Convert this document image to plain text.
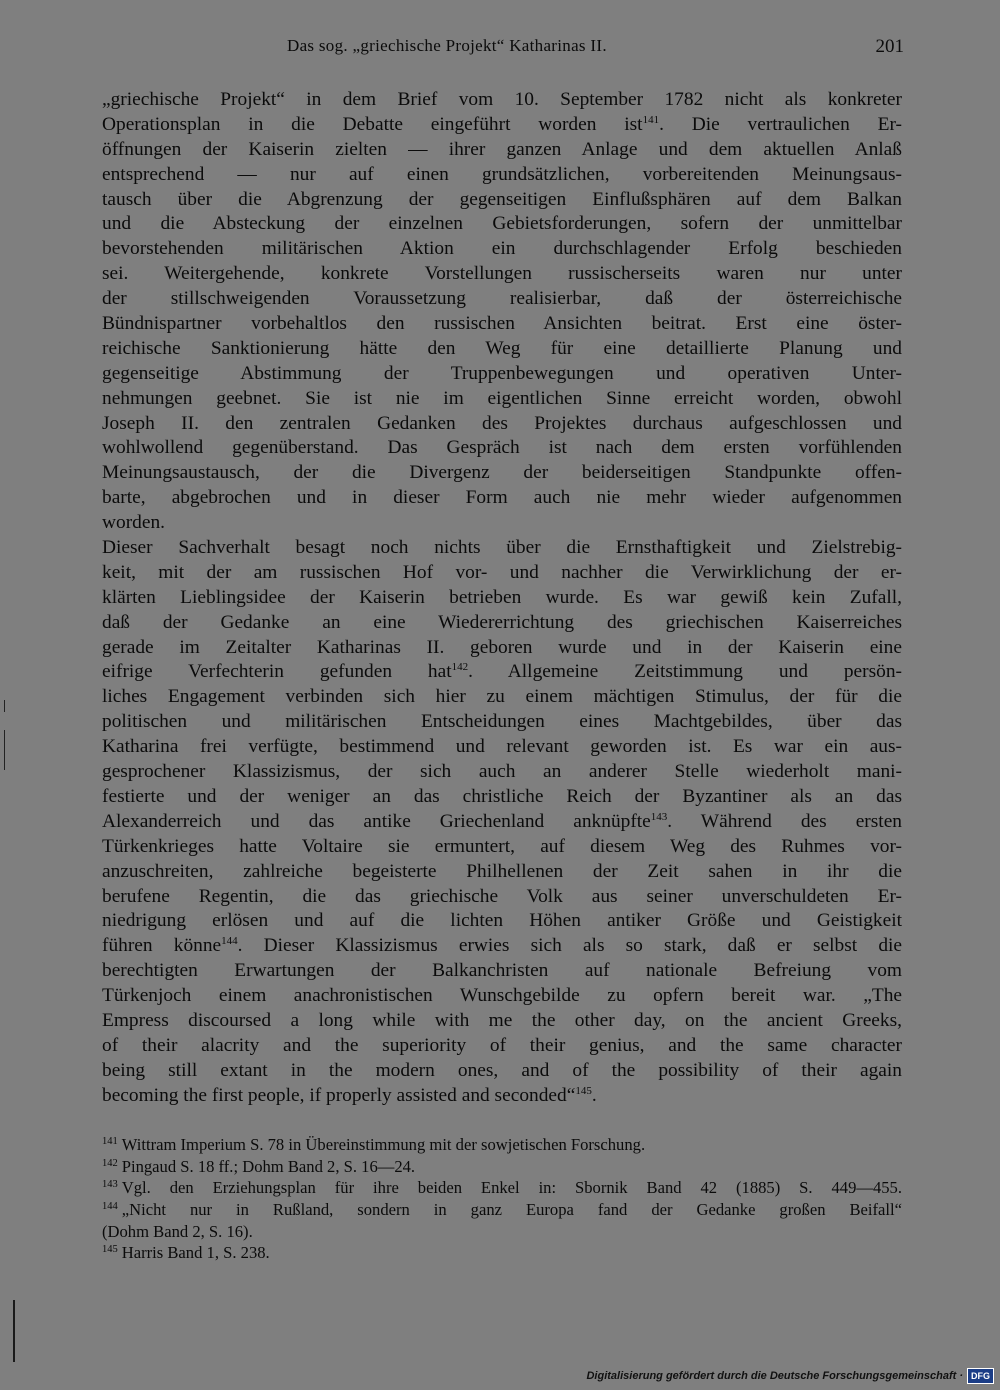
Das sog. „griechische Projekt“ Katharinas II.	201
„griechische Projekt“ in dem Brief vom 10. September 1782 nicht als konkreter
Operationsplan in die Debatte eingeführt worden ist$^{141}$. Die vertraulichen Er-
öffnungen der Kaiserin zielten — ihrer ganzen Anlage und dem aktuellen Anlaß
entsprechend — nur auf einen grundsätzlichen, vorbereitenden Meinungsaus-
tausch über die Abgrenzung der gegenseitigen Einflußsphären auf dem Balkan
und die Absteckung der einzelnen Gebietsforderungen, sofern der unmittelbar
bevorstehenden militärischen Aktion ein durchschlagender Erfolg beschieden
sei. Weitergehende, konkrete Vorstellungen russischerseits waren nur unter
der stillschweigenden Voraussetzung realisierbar, daß der österreichische
Bündnispartner vorbehaltlos den russischen Ansichten beitrat. Erst eine öster-
reichische Sanktionierung hätte den Weg für eine detaillierte Planung und
gegenseitige Abstimmung der Truppenbewegungen und operativen Unter-
nehmungen geebnet. Sie ist nie im eigentlichen Sinne erreicht worden, obwohl
Joseph II. den zentralen Gedanken des Projektes durchaus aufgeschlossen und
wohlwollend gegenüberstand. Das Gespräch ist nach dem ersten vorfühlenden
Meinungsaustausch, der die Divergenz der beiderseitigen Standpunkte offen-
barte, abgebrochen und in dieser Form auch nie mehr wieder aufgenommen
worden.
Dieser Sachverhalt besagt noch nichts über die Ernsthaftigkeit und Zielstrebig-
keit, mit der am russischen Hof vor- und nachher die Verwirklichung der er-
klärten Lieblingsidee der Kaiserin betrieben wurde. Es war gewiß kein Zufall,
daß der Gedanke an eine Wiedererrichtung des griechischen Kaiserreiches
gerade im Zeitalter Katharinas II. geboren wurde und in der Kaiserin eine
eifrige Verfechterin gefunden hat$^{142}$. Allgemeine Zeitstimmung und persön-
liches Engagement verbinden sich hier zu einem mächtigen Stimulus, der für die
politischen und militärischen Entscheidungen eines Machtgebildes, über das
Katharina frei verfügte, bestimmend und relevant geworden ist. Es war ein aus-
gesprochener Klassizismus, der sich auch an anderer Stelle wiederholt mani-
festierte und der weniger an das christliche Reich der Byzantiner als an das
Alexanderreich und das antike Griechenland anknüpfte$^{143}$. Während des ersten
Türkenkrieges hatte Voltaire sie ermuntert, auf diesem Weg des Ruhmes vor-
anzuschreiten, zahlreiche begeisterte Philhellenen der Zeit sahen in ihr die
berufene Regentin, die das griechische Volk aus seiner unverschuldeten Er-
niedrigung erlösen und auf die lichten Höhen antiker Größe und Geistigkeit
führen könne$^{144}$. Dieser Klassizismus erwies sich als so stark, daß er selbst die
berechtigten Erwartungen der Balkanchristen auf nationale Befreiung vom
Türkenjoch einem anachronistischen Wunschgebilde zu opfern bereit war. „The
Empress discoursed a long while with me the other day, on the ancient Greeks,
of their alacrity and the superiority of their genius, and the same character
being still extant in the modern ones, and of the possibility of their again
becoming the first people, if properly assisted and seconded“$^{145}$.
$^{141}$ Wittram Imperium S. 78 in Übereinstimmung mit der sowjetischen Forschung.
$^{142}$ Pingaud S. 18 ff.; Dohm Band 2, S. 16—24.
$^{143}$ Vgl. den Erziehungsplan für ihre beiden Enkel in: Sbornik Band 42 (1885) S. 449—455.
$^{144}$ „Nicht nur in Rußland, sondern in ganz Europa fand der Gedanke großen Beifall“
(Dohm Band 2, S. 16).
$^{145}$ Harris Band 1, S. 238.
Digitalisierung gefördert durch die Deutsche Forschungsgemeinschaft · DFG
